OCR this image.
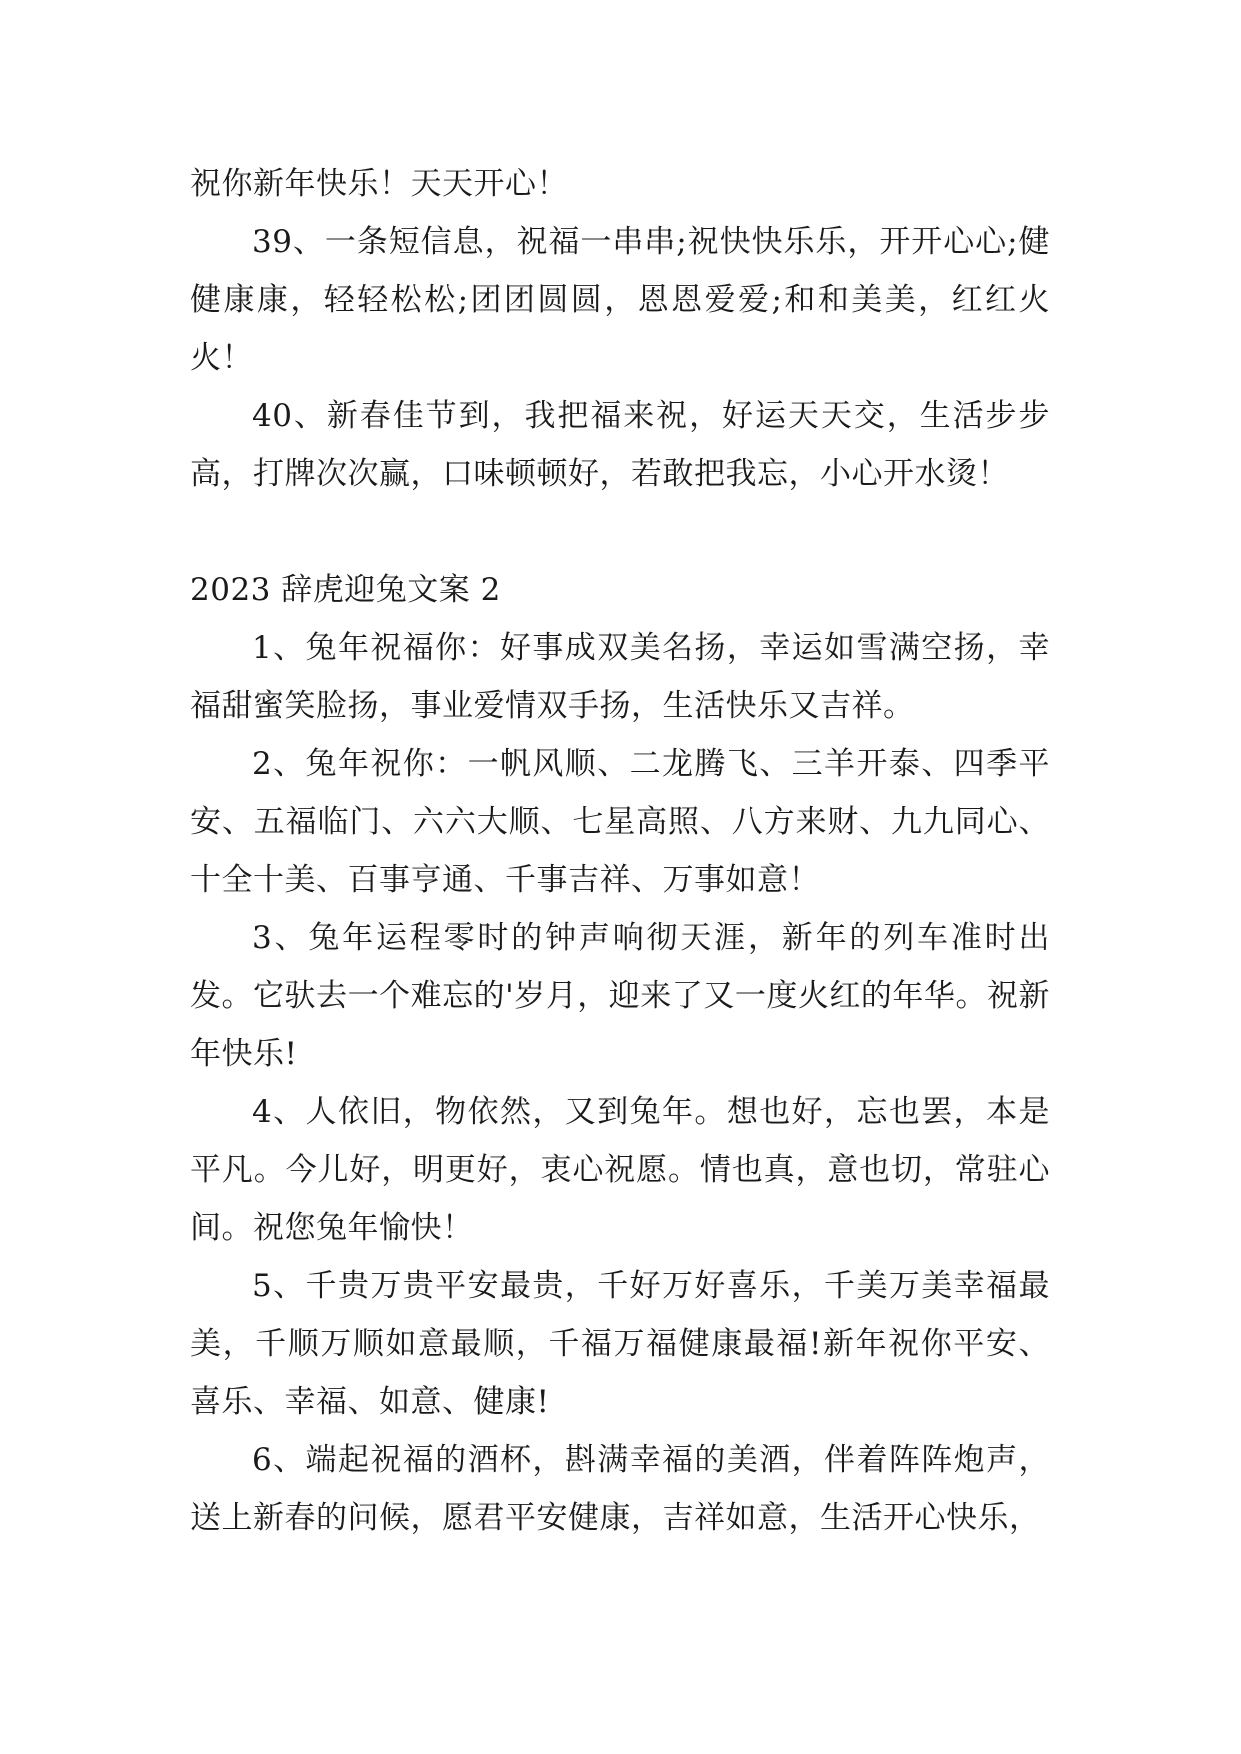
祝你新年快乐！天天开心！

39、一条短信息，祝福一串串;祝快快乐乐，开开心心;健健康康，轻轻松松;团团圆圆，恩恩爱爱;和和美美，红红火火！

40、新春佳节到，我把福来祝，好运天天交，生活步步高，打牌次次赢，口味顿顿好，若敢把我忘，小心开水烫！

2023 辞虎迎兔文案 2

1、兔年祝福你：好事成双美名扬，幸运如雪满空扬，幸福甜蜜笑脸扬，事业爱情双手扬，生活快乐又吉祥。

2、兔年祝你：一帆风顺、二龙腾飞、三羊开泰、四季平安、五福临门、六六大顺、七星高照、八方来财、九九同心、十全十美、百事亨通、千事吉祥、万事如意！

3、兔年运程零时的钟声响彻天涯，新年的列车准时出发。它驮去一个难忘的'岁月，迎来了又一度火红的年华。祝新年快乐!

4、人依旧，物依然，又到兔年。想也好，忘也罢，本是平凡。今儿好，明更好，衷心祝愿。情也真，意也切，常驻心间。祝您兔年愉快！

5、千贵万贵平安最贵，千好万好喜乐，千美万美幸福最美，千顺万顺如意最顺，千福万福健康最福!新年祝你平安、喜乐、幸福、如意、健康!

6、端起祝福的酒杯，斟满幸福的美酒，伴着阵阵炮声，送上新春的问候，愿君平安健康，吉祥如意，生活开心快乐，
